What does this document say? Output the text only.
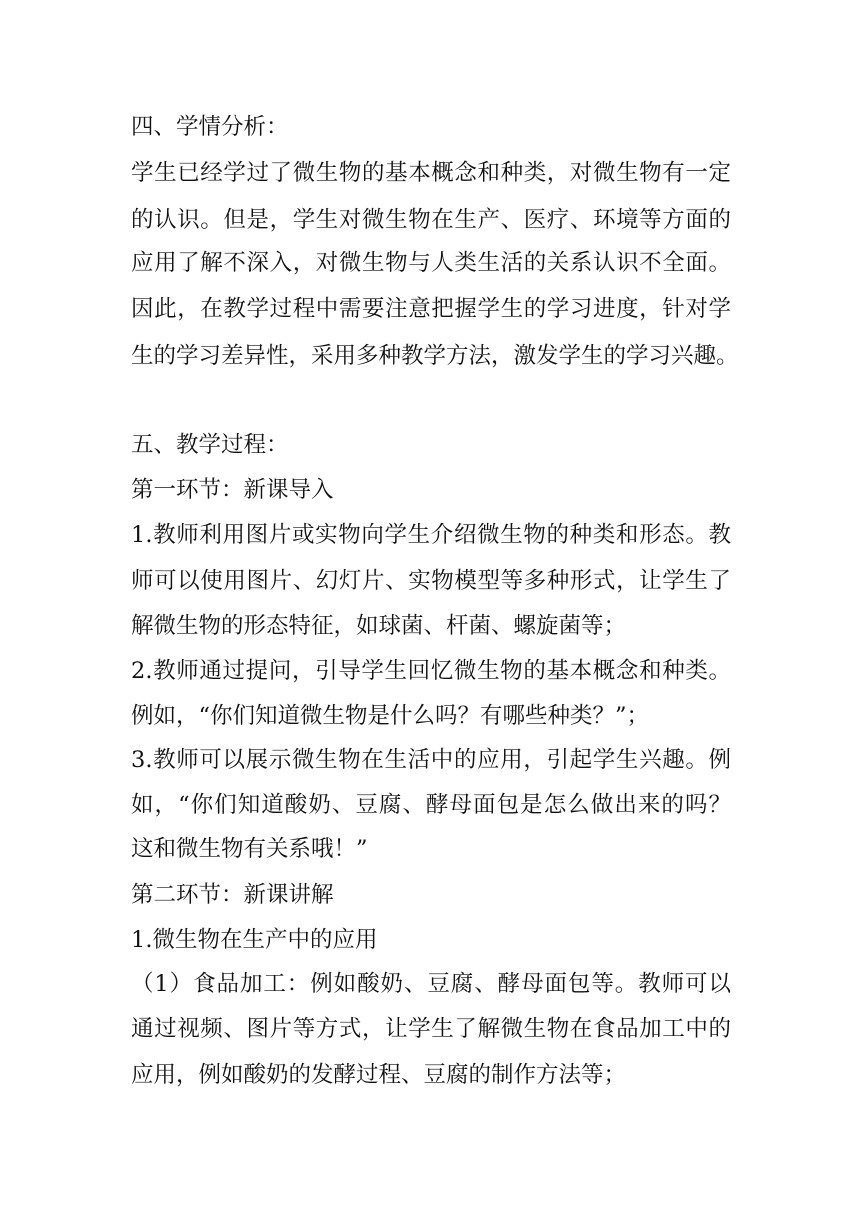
四、学情分析：
学生已经学过了微生物的基本概念和种类，对微生物有一定
的认识。但是，学生对微生物在生产、医疗、环境等方面的
应用了解不深入，对微生物与人类生活的关系认识不全面。
因此，在教学过程中需要注意把握学生的学习进度，针对学
生的学习差异性，采用多种教学方法，激发学生的学习兴趣。
五、教学过程：
第一环节：新课导入
1.教师利用图片或实物向学生介绍微生物的种类和形态。教
师可以使用图片、幻灯片、实物模型等多种形式，让学生了
解微生物的形态特征，如球菌、杆菌、螺旋菌等；
2.教师通过提问，引导学生回忆微生物的基本概念和种类。
例如，“你们知道微生物是什么吗？有哪些种类？”；
3.教师可以展示微生物在生活中的应用，引起学生兴趣。例
如，“你们知道酸奶、豆腐、酵母面包是怎么做出来的吗？
这和微生物有关系哦！”
第二环节：新课讲解
1.微生物在生产中的应用
（1）食品加工：例如酸奶、豆腐、酵母面包等。教师可以
通过视频、图片等方式，让学生了解微生物在食品加工中的
应用，例如酸奶的发酵过程、豆腐的制作方法等；
